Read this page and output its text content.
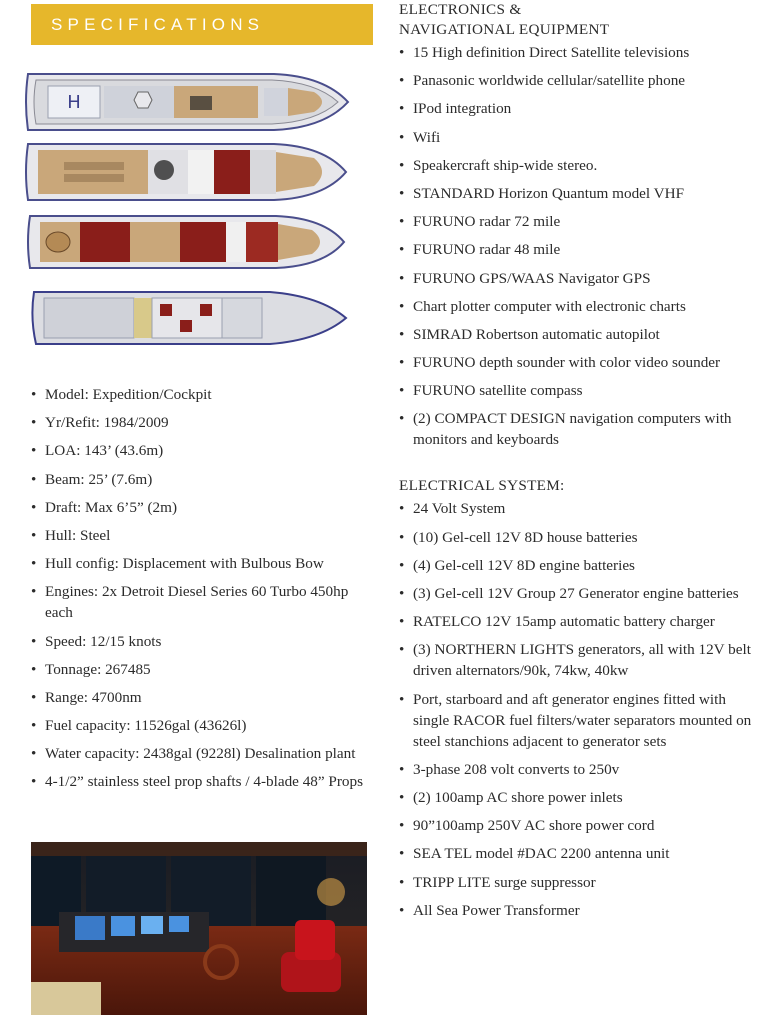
SPECIFICATIONS
H
• Model: Expedition/Cockpit
• Yr/Refit: 1984/2009
• LOA: 143’ (43.6m)
• Beam: 25’ (7.6m)
• Draft: Max 6’5” (2m)
• Hull: Steel
• Hull config: Displacement with Bulbous Bow
• Engines: 2x Detroit Diesel Series 60 Turbo 450hp each
• Speed: 12/15 knots
• Tonnage: 267485
• Range: 4700nm
• Fuel capacity: 11526gal (43626l)
• Water capacity: 2438gal (9228l) Desalination plant
• 4-1/2” stainless steel prop shafts / 4-blade 48” Props
ELECTRONICS &
NAVIGATIONAL EQUIPMENT
• 15 High definition Direct Satellite televisions
• Panasonic worldwide cellular/satellite phone
• IPod integration
• Wifi
• Speakercraft ship-wide stereo.
• STANDARD Horizon Quantum model VHF
• FURUNO radar 72 mile
• FURUNO radar 48 mile
• FURUNO GPS/WAAS Navigator GPS
• Chart plotter computer with electronic charts
• SIMRAD Robertson automatic autopilot
• FURUNO depth sounder with color video sounder
• FURUNO satellite compass
• (2) COMPACT DESIGN navigation computers with monitors and keyboards
ELECTRICAL SYSTEM:
• 24 Volt System
• (10) Gel-cell 12V 8D house batteries
• (4) Gel-cell 12V 8D engine batteries
• (3) Gel-cell 12V Group 27 Generator engine batteries
• RATELCO 12V 15amp automatic battery charger
• (3) NORTHERN LIGHTS generators, all with 12V belt driven alternators/90k, 74kw, 40kw
• Port, starboard and aft generator engines fitted with single RACOR fuel filters/water separators mounted on steel stanchions adjacent to generator sets
• 3-phase 208 volt converts to 250v
• (2) 100amp AC shore power inlets
• 90”100amp 250V AC shore power cord
• SEA TEL model #DAC 2200 antenna unit
• TRIPP LITE surge suppressor
• All Sea Power Transformer
